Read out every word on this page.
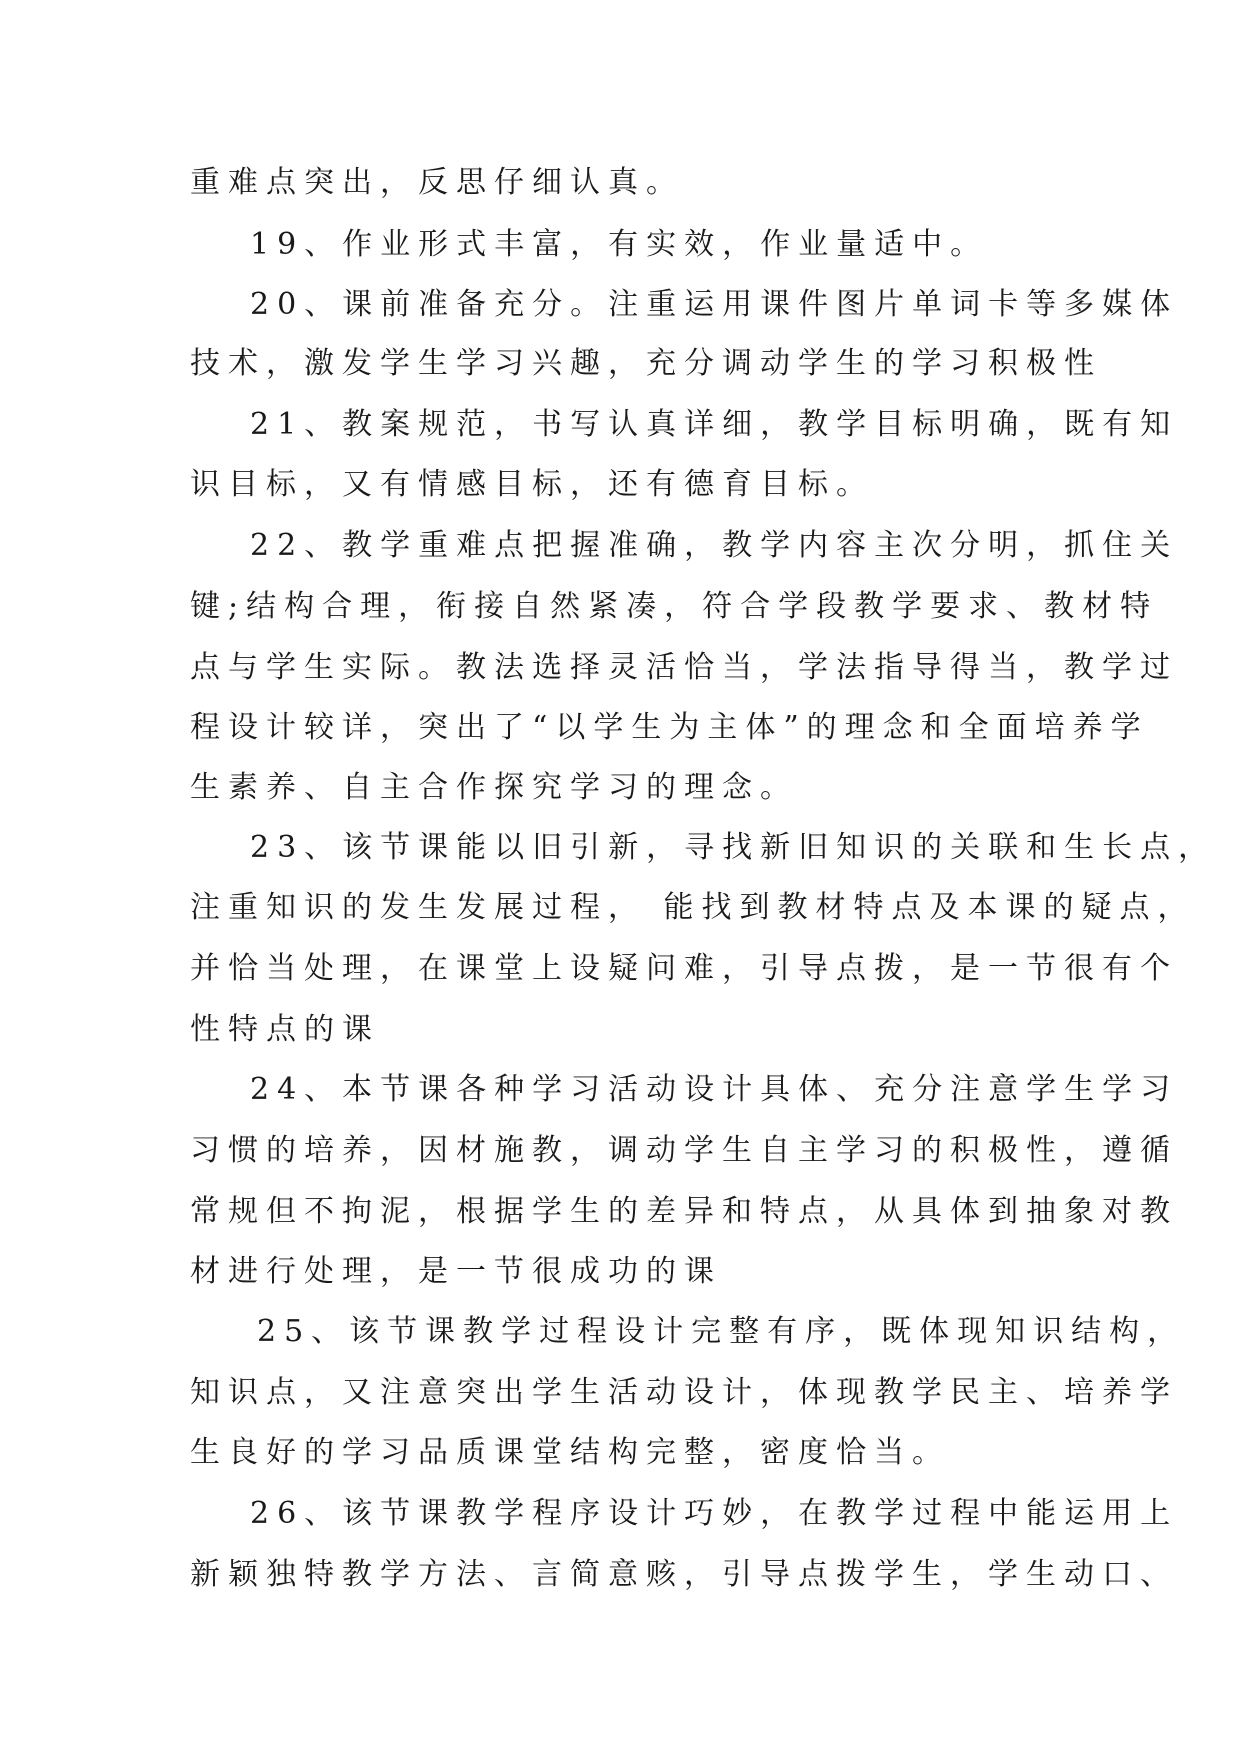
重难点突出，反思仔细认真。
19、作业形式丰富，有实效，作业量适中。
20、课前准备充分。注重运用课件图片单词卡等多媒体
技术，激发学生学习兴趣，充分调动学生的学习积极性
21、教案规范，书写认真详细，教学目标明确，既有知
识目标，又有情感目标，还有德育目标。
22、教学重难点把握准确，教学内容主次分明，抓住关
键;结构合理，衔接自然紧凑，符合学段教学要求、教材特
点与学生实际。教法选择灵活恰当，学法指导得当，教学过
程设计较详，突出了“以学生为主体”的理念和全面培养学
生素养、自主合作探究学习的理念。
23、该节课能以旧引新，寻找新旧知识的关联和生长点，
注重知识的发生发展过程， 能找到教材特点及本课的疑点，
并恰当处理，在课堂上设疑问难，引导点拨，是一节很有个
性特点的课
24、本节课各种学习活动设计具体、充分注意学生学习
习惯的培养，因材施教，调动学生自主学习的积极性，遵循
常规但不拘泥，根据学生的差异和特点，从具体到抽象对教
材进行处理，是一节很成功的课
25、该节课教学过程设计完整有序，既体现知识结构，
知识点，又注意突出学生活动设计，体现教学民主、培养学
生良好的学习品质课堂结构完整，密度恰当。
26、该节课教学程序设计巧妙，在教学过程中能运用上
新颖独特教学方法、言简意赅，引导点拨学生，学生动口、
